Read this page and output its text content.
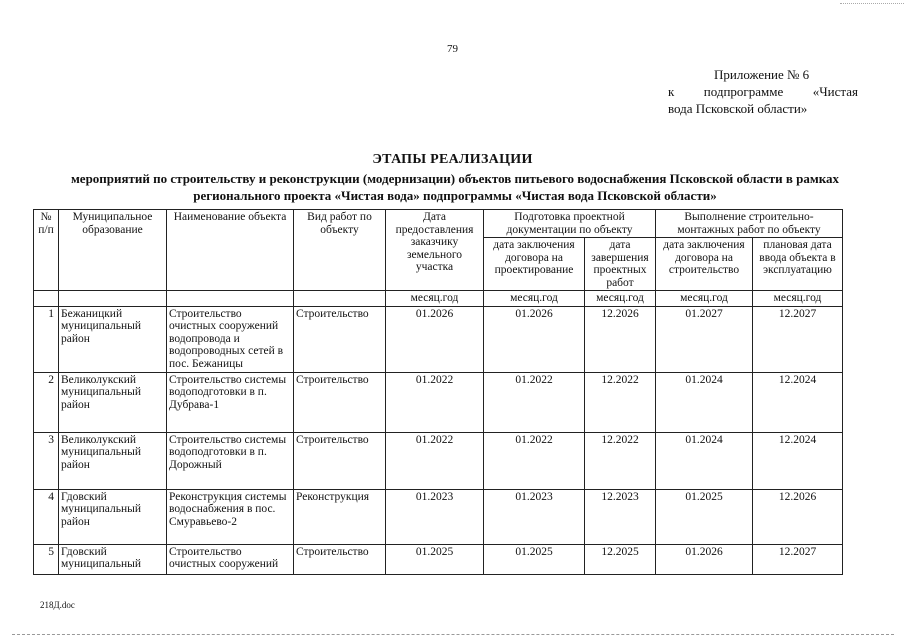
79
Приложение № 6
к подпрограмме «Чистая
вода Псковской области»
ЭТАПЫ РЕАЛИЗАЦИИ
мероприятий по строительству и реконструкции (модернизации) объектов питьевого водоснабжения Псковской области в рамках регионального проекта «Чистая вода» подпрограммы «Чистая вода Псковской области»
№ п/п	Муниципальное образование	Наименование объекта	Вид работ по объекту	Дата предоставления заказчику земельного участка	Подготовка проектной документации по объекту		Выполнение строительно-монтажных работ по объекту	
					дата заключения договора на проектирование	дата завершения проектных работ	дата заключения договора на строительство	плановая дата ввода объекта в эксплуатацию
				месяц.год	месяц.год	месяц.год	месяц.год	месяц.год
1	Бежаницкий муниципальный район	Строительство очистных сооружений водопровода и водопроводных сетей в пос. Бежаницы	Строительство	01.2026	01.2026	12.2026	01.2027	12.2027
2	Великолукский муниципальный район	Строительство системы водоподготовки в п. Дубрава-1	Строительство	01.2022	01.2022	12.2022	01.2024	12.2024
3	Великолукский муниципальный район	Строительство системы водоподготовки в п. Дорожный	Строительство	01.2022	01.2022	12.2022	01.2024	12.2024
4	Гдовский муниципальный район	Реконструкция системы водоснабжения в пос. Смуравьево-2	Реконструкция	01.2023	01.2023	12.2023	01.2025	12.2026
5	Гдовский муниципальный	Строительство очистных сооружений	Строительство	01.2025	01.2025	12.2025	01.2026	12.2027
218Д.doc
